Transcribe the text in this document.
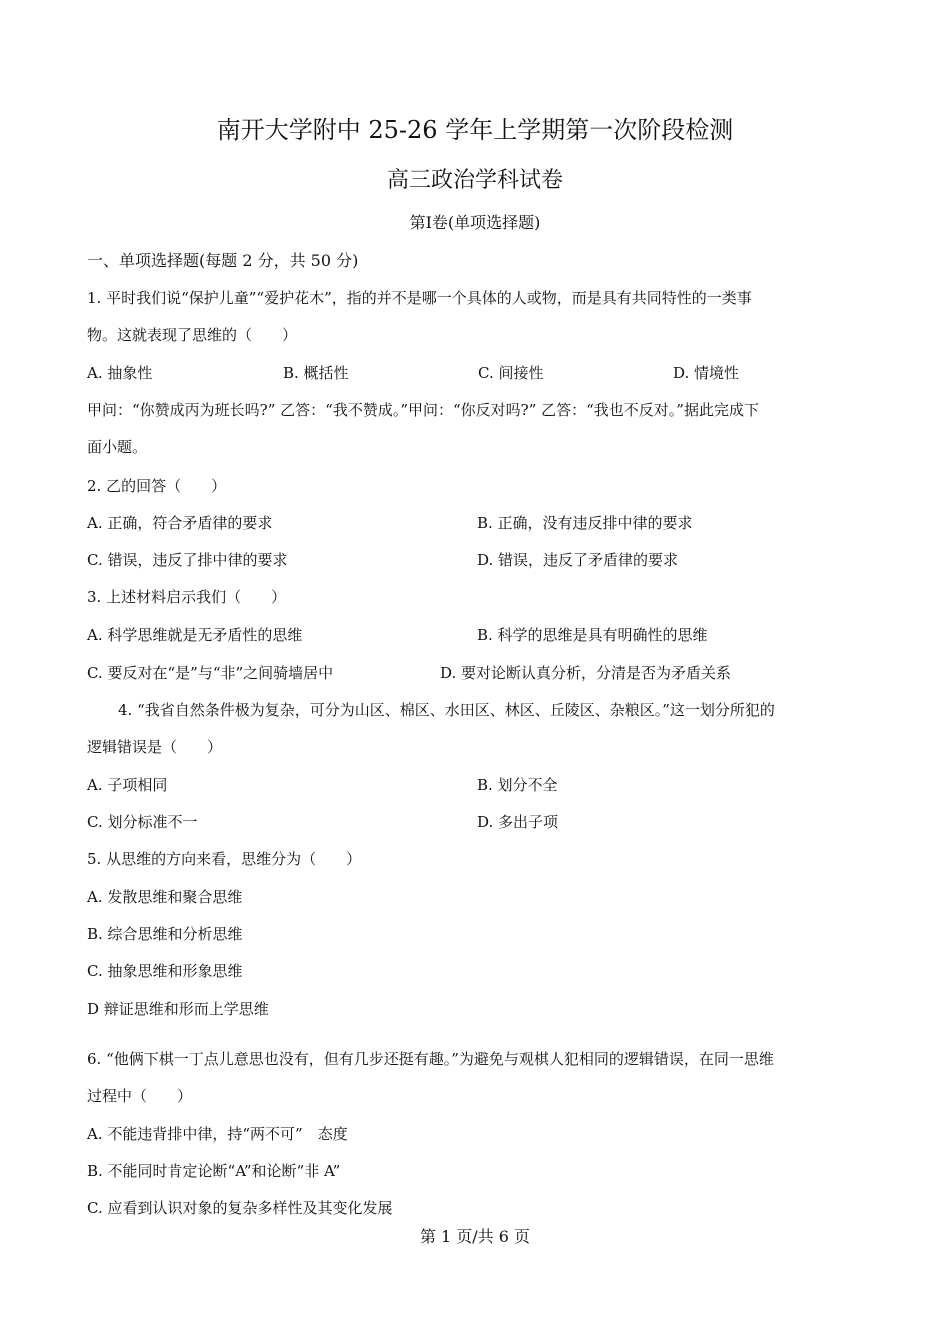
南开大学附中 25-26 学年上学期第一次阶段检测
高三政治学科试卷
第Ⅰ卷(单项选择题)
一、单项选择题(每题 2 分，共 50 分)
1. 平时我们说“保护儿童”“爱护花木”，指的并不是哪一个具体的人或物，而是具有共同特性的一类事
物。这就表现了思维的（　　）
A. 抽象性	B. 概括性	C. 间接性	D. 情境性
甲问：“你赞成丙为班长吗?” 乙答：“我不赞成。”甲问：“你反对吗?” 乙答：“我也不反对。”据此完成下
面小题。
2. 乙的回答（　　）
A. 正确，符合矛盾律的要求	B. 正确，没有违反排中律的要求
C. 错误，违反了排中律的要求	D. 错误，违反了矛盾律的要求
3. 上述材料启示我们（　　）
A. 科学思维就是无矛盾性的思维	B. 科学的思维是具有明确性的思维
C. 要反对在“是”与“非”之间骑墙居中	D. 要对论断认真分析，分清是否为矛盾关系
4. “我省自然条件极为复杂，可分为山区、棉区、水田区、林区、丘陵区、杂粮区。”这一划分所犯的
逻辑错误是（　　）
A. 子项相同	B. 划分不全
C. 划分标准不一	D. 多出子项
5. 从思维的方向来看，思维分为（　　）
A. 发散思维和聚合思维
B. 综合思维和分析思维
C. 抽象思维和形象思维
D 辩证思维和形而上学思维
6. “他俩下棋一丁点儿意思也没有，但有几步还挺有趣。”为避免与观棋人犯相同的逻辑错误，在同一思维
过程中（　　）
A. 不能违背排中律，持“两不可”　态度
B. 不能同时肯定论断“A”和论断“非 A”
C. 应看到认识对象的复杂多样性及其变化发展
第 1 页/共 6 页
